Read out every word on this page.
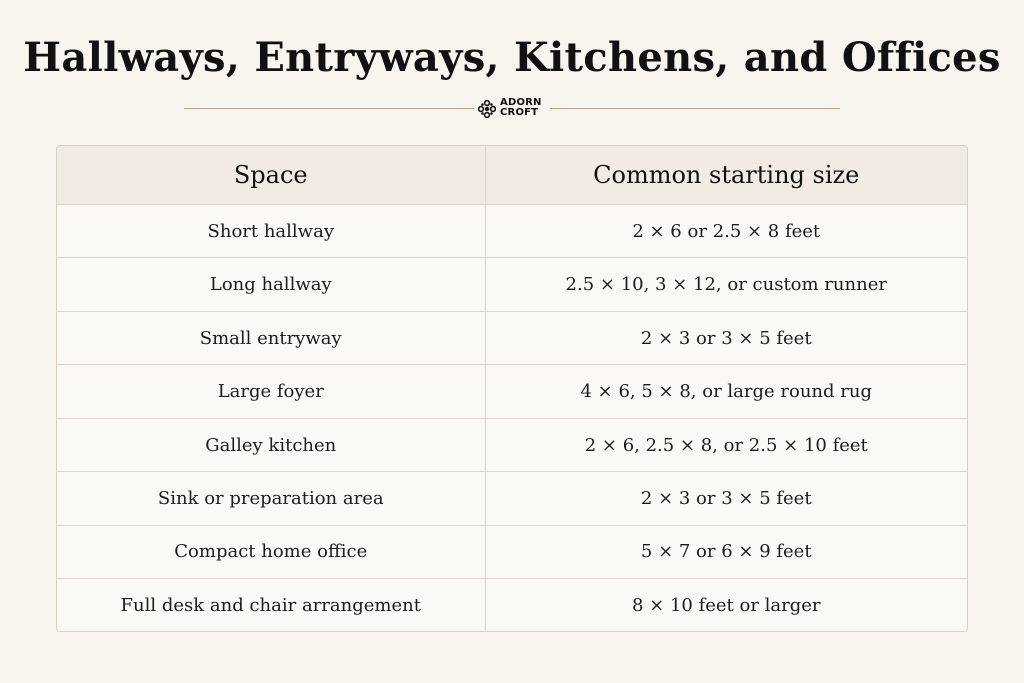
Hallways, Entryways, Kitchens, and Offices
ADORN
CROFT
Space	Common starting size
Short hallway	2 × 6 or 2.5 × 8 feet
Long hallway	2.5 × 10, 3 × 12, or custom runner
Small entryway	2 × 3 or 3 × 5 feet
Large foyer	4 × 6, 5 × 8, or large round rug
Galley kitchen	2 × 6, 2.5 × 8, or 2.5 × 10 feet
Sink or preparation area	2 × 3 or 3 × 5 feet
Compact home office	5 × 7 or 6 × 9 feet
Full desk and chair arrangement	8 × 10 feet or larger
